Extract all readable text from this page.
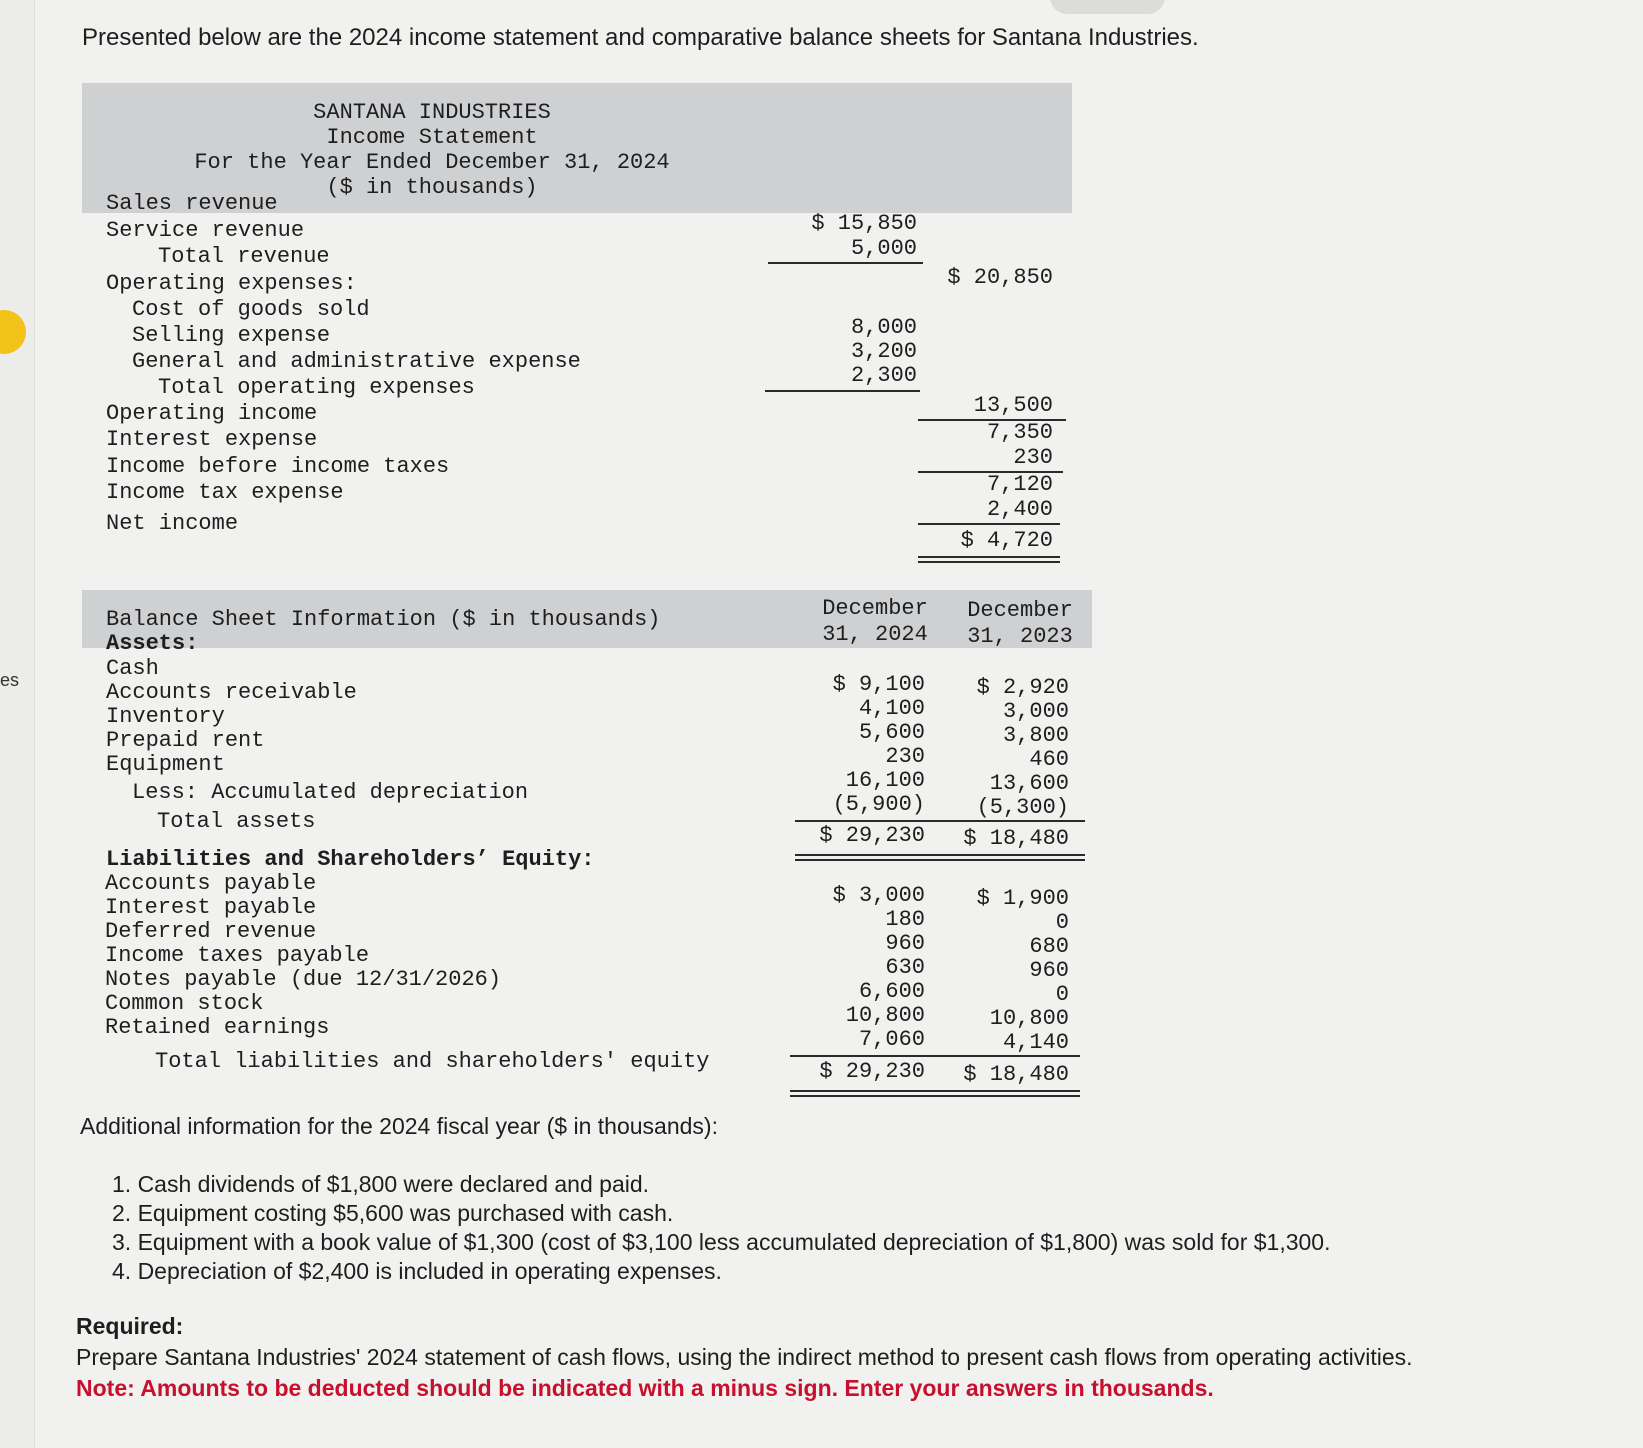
es

Presented below are the 2024 income statement and comparative balance sheets for Santana Industries.

SANTANA INDUSTRIES
Income Statement
For the Year Ended December 31, 2024
($ in thousands)
Sales revenue
Service revenue
Total revenue
Operating expenses:
Cost of goods sold
Selling expense
General and administrative expense
Total operating expenses
Operating income
Interest expense
Income before income taxes
Income tax expense
Net income
$ 15,850
5,000
$ 20,850
8,000
3,200
2,300
13,500
7,350
230
7,120
2,400
$ 4,720
Balance Sheet Information ($ in thousands)	December
31, 2024
December
31, 2023
Assets:
Cash
Accounts receivable
Inventory
Prepaid rent
Equipment
Less: Accumulated depreciation
Total assets
$ 9,100
4,100
5,600
230
16,100
(5,900)
$ 29,230
$ 2,920
3,000
3,800
460
13,600
(5,300)
$ 18,480
Liabilities and Shareholders’ Equity:
Accounts payable
Interest payable
Deferred revenue
Income taxes payable
Notes payable (due 12/31/2026)
Common stock
Retained earnings
Total liabilities and shareholders' equity
$ 3,000
180
960
630
6,600
10,800
7,060
$ 29,230
$ 1,900
0
680
960
0
10,800
4,140
$ 18,480
Additional information for the 2024 fiscal year ($ in thousands):
1. Cash dividends of $1,800 were declared and paid.
2. Equipment costing $5,600 was purchased with cash.
3. Equipment with a book value of $1,300 (cost of $3,100 less accumulated depreciation of $1,800) was sold for $1,300.
4. Depreciation of $2,400 is included in operating expenses.
Required:
Prepare Santana Industries' 2024 statement of cash flows, using the indirect method to present cash flows from operating activities.
Note: Amounts to be deducted should be indicated with a minus sign. Enter your answers in thousands.
